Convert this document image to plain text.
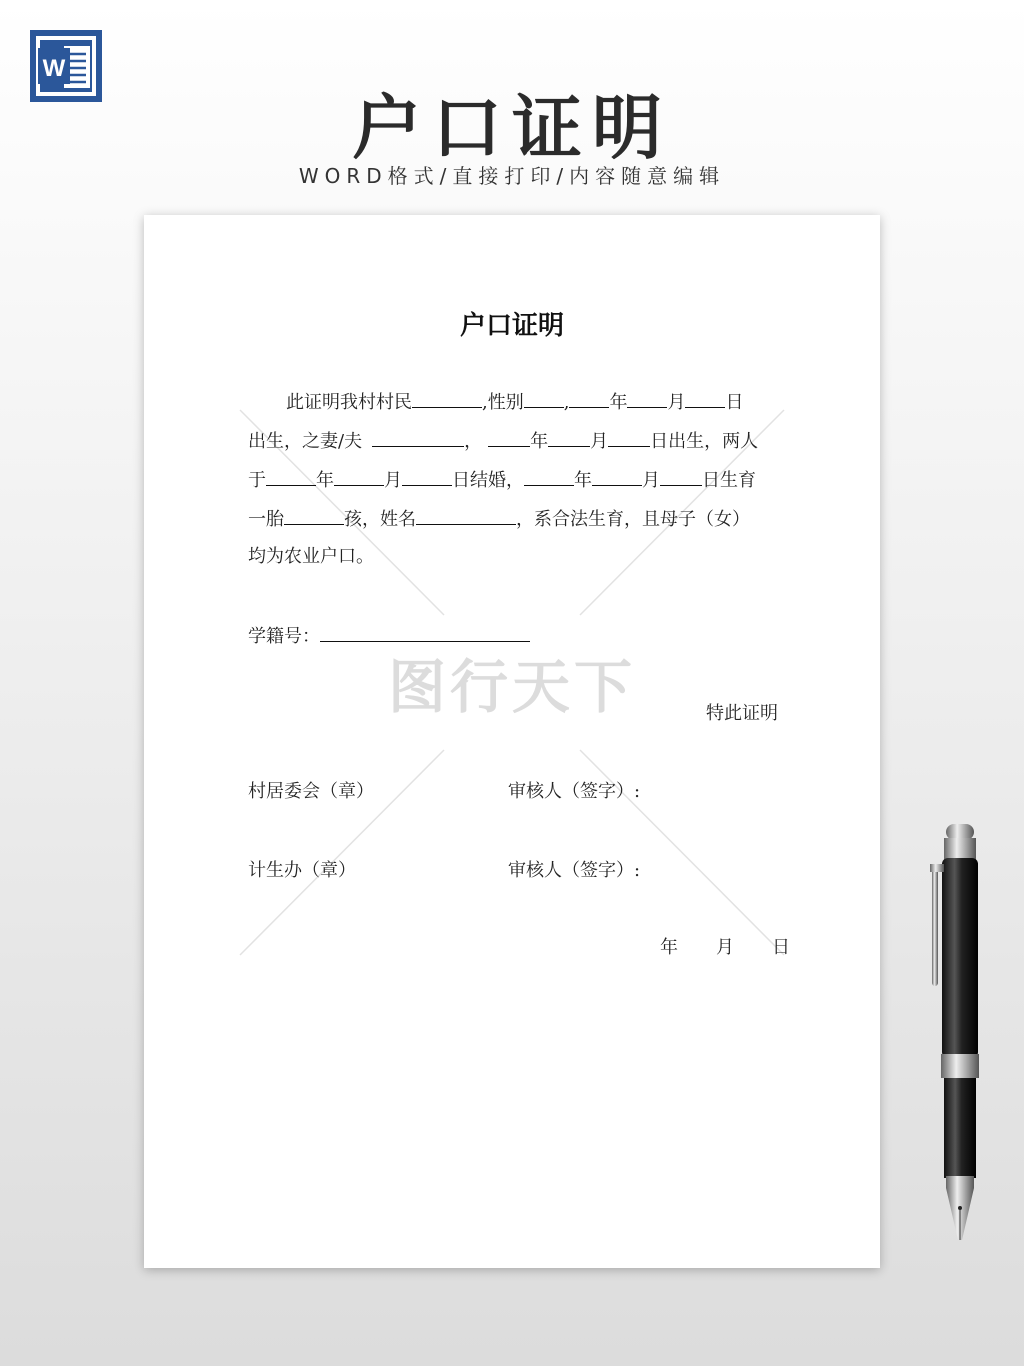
W
户口证明
WORD格式/直接打印/内容随意编辑
图行天下
户口证明
此证明我村村民	,性别 , 年 月 日
出生，之妻/夫	，	年 月 日出生，两人
于	年	月	日结婚，	年	月 日生育
一胎	孩，姓名	，系合法生育，且母子（女）
均为农业户口。
学籍号：
特此证明
村居委会（章）	审核人（签字）:
计生办（章）	审核人（签字）:
年 月 日
